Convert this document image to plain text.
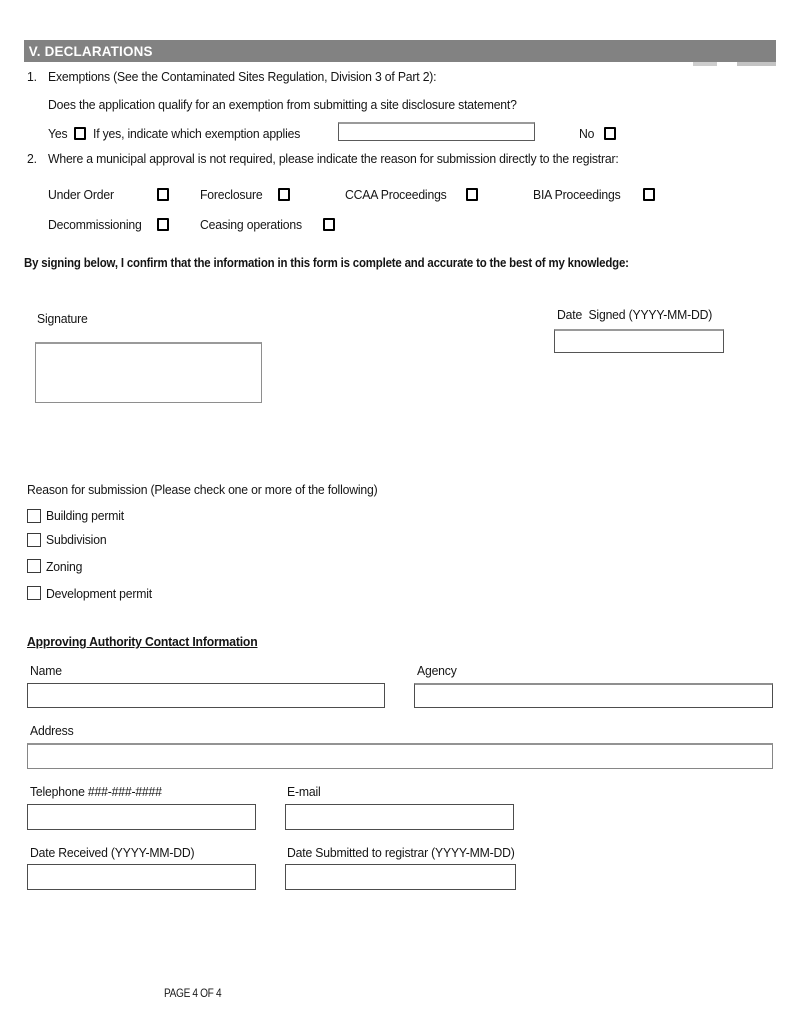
V. DECLARATIONS
1. Exemptions (See the Contaminated Sites Regulation, Division 3 of Part 2):
Does the application qualify for an exemption from submitting a site disclosure statement?
Yes If yes, indicate which exemption applies	No
2. Where a municipal approval is not required, please indicate the reason for submission directly to the registrar:
Under Order	Foreclosure	CCAA Proceedings	BIA Proceedings
Decommissioning	Ceasing operations
By signing below, I confirm that the information in this form is complete and accurate to the best of my knowledge:
Signature	Date  Signed (YYYY-MM-DD)
Reason for submission (Please check one or more of the following)
Building permit
Subdivision
Zoning
Development permit
Approving Authority Contact Information
Name	Agency
Address
Telephone ###-###-####	E-mail
Date Received (YYYY-MM-DD)	Date Submitted to registrar (YYYY-MM-DD)
PAGE 4 OF 4
